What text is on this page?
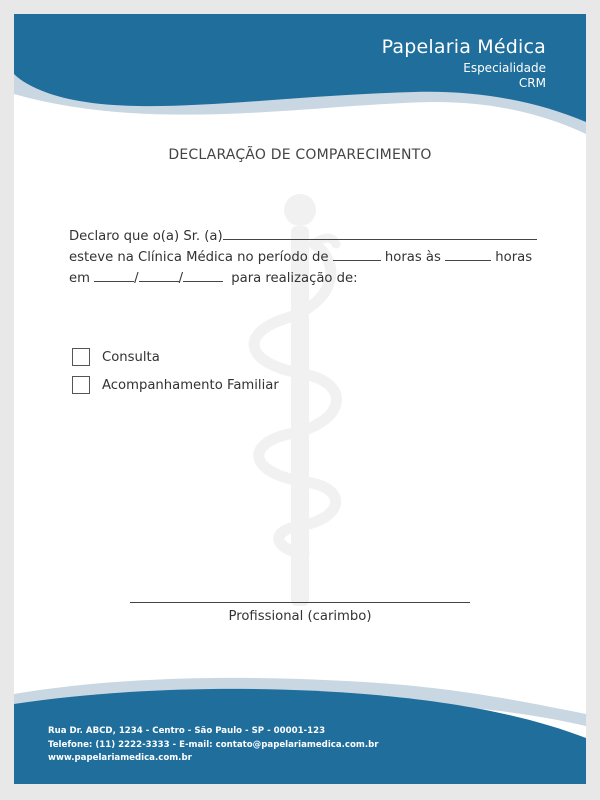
Papelaria Médica
Especialidade
CRM
DECLARAÇÃO DE COMPARECIMENTO
Declaro que o(a) Sr. (a)
esteve na Clínica Médica no período de	horas às	horas
em	/	/	para realização de:
Consulta
Acompanhamento Familiar
Profissional (carimbo)
Rua Dr. ABCD, 1234 - Centro - São Paulo - SP - 00001-123
Telefone: (11) 2222-3333 - E-mail: contato@papelariamedica.com.br
www.papelariamedica.com.br
